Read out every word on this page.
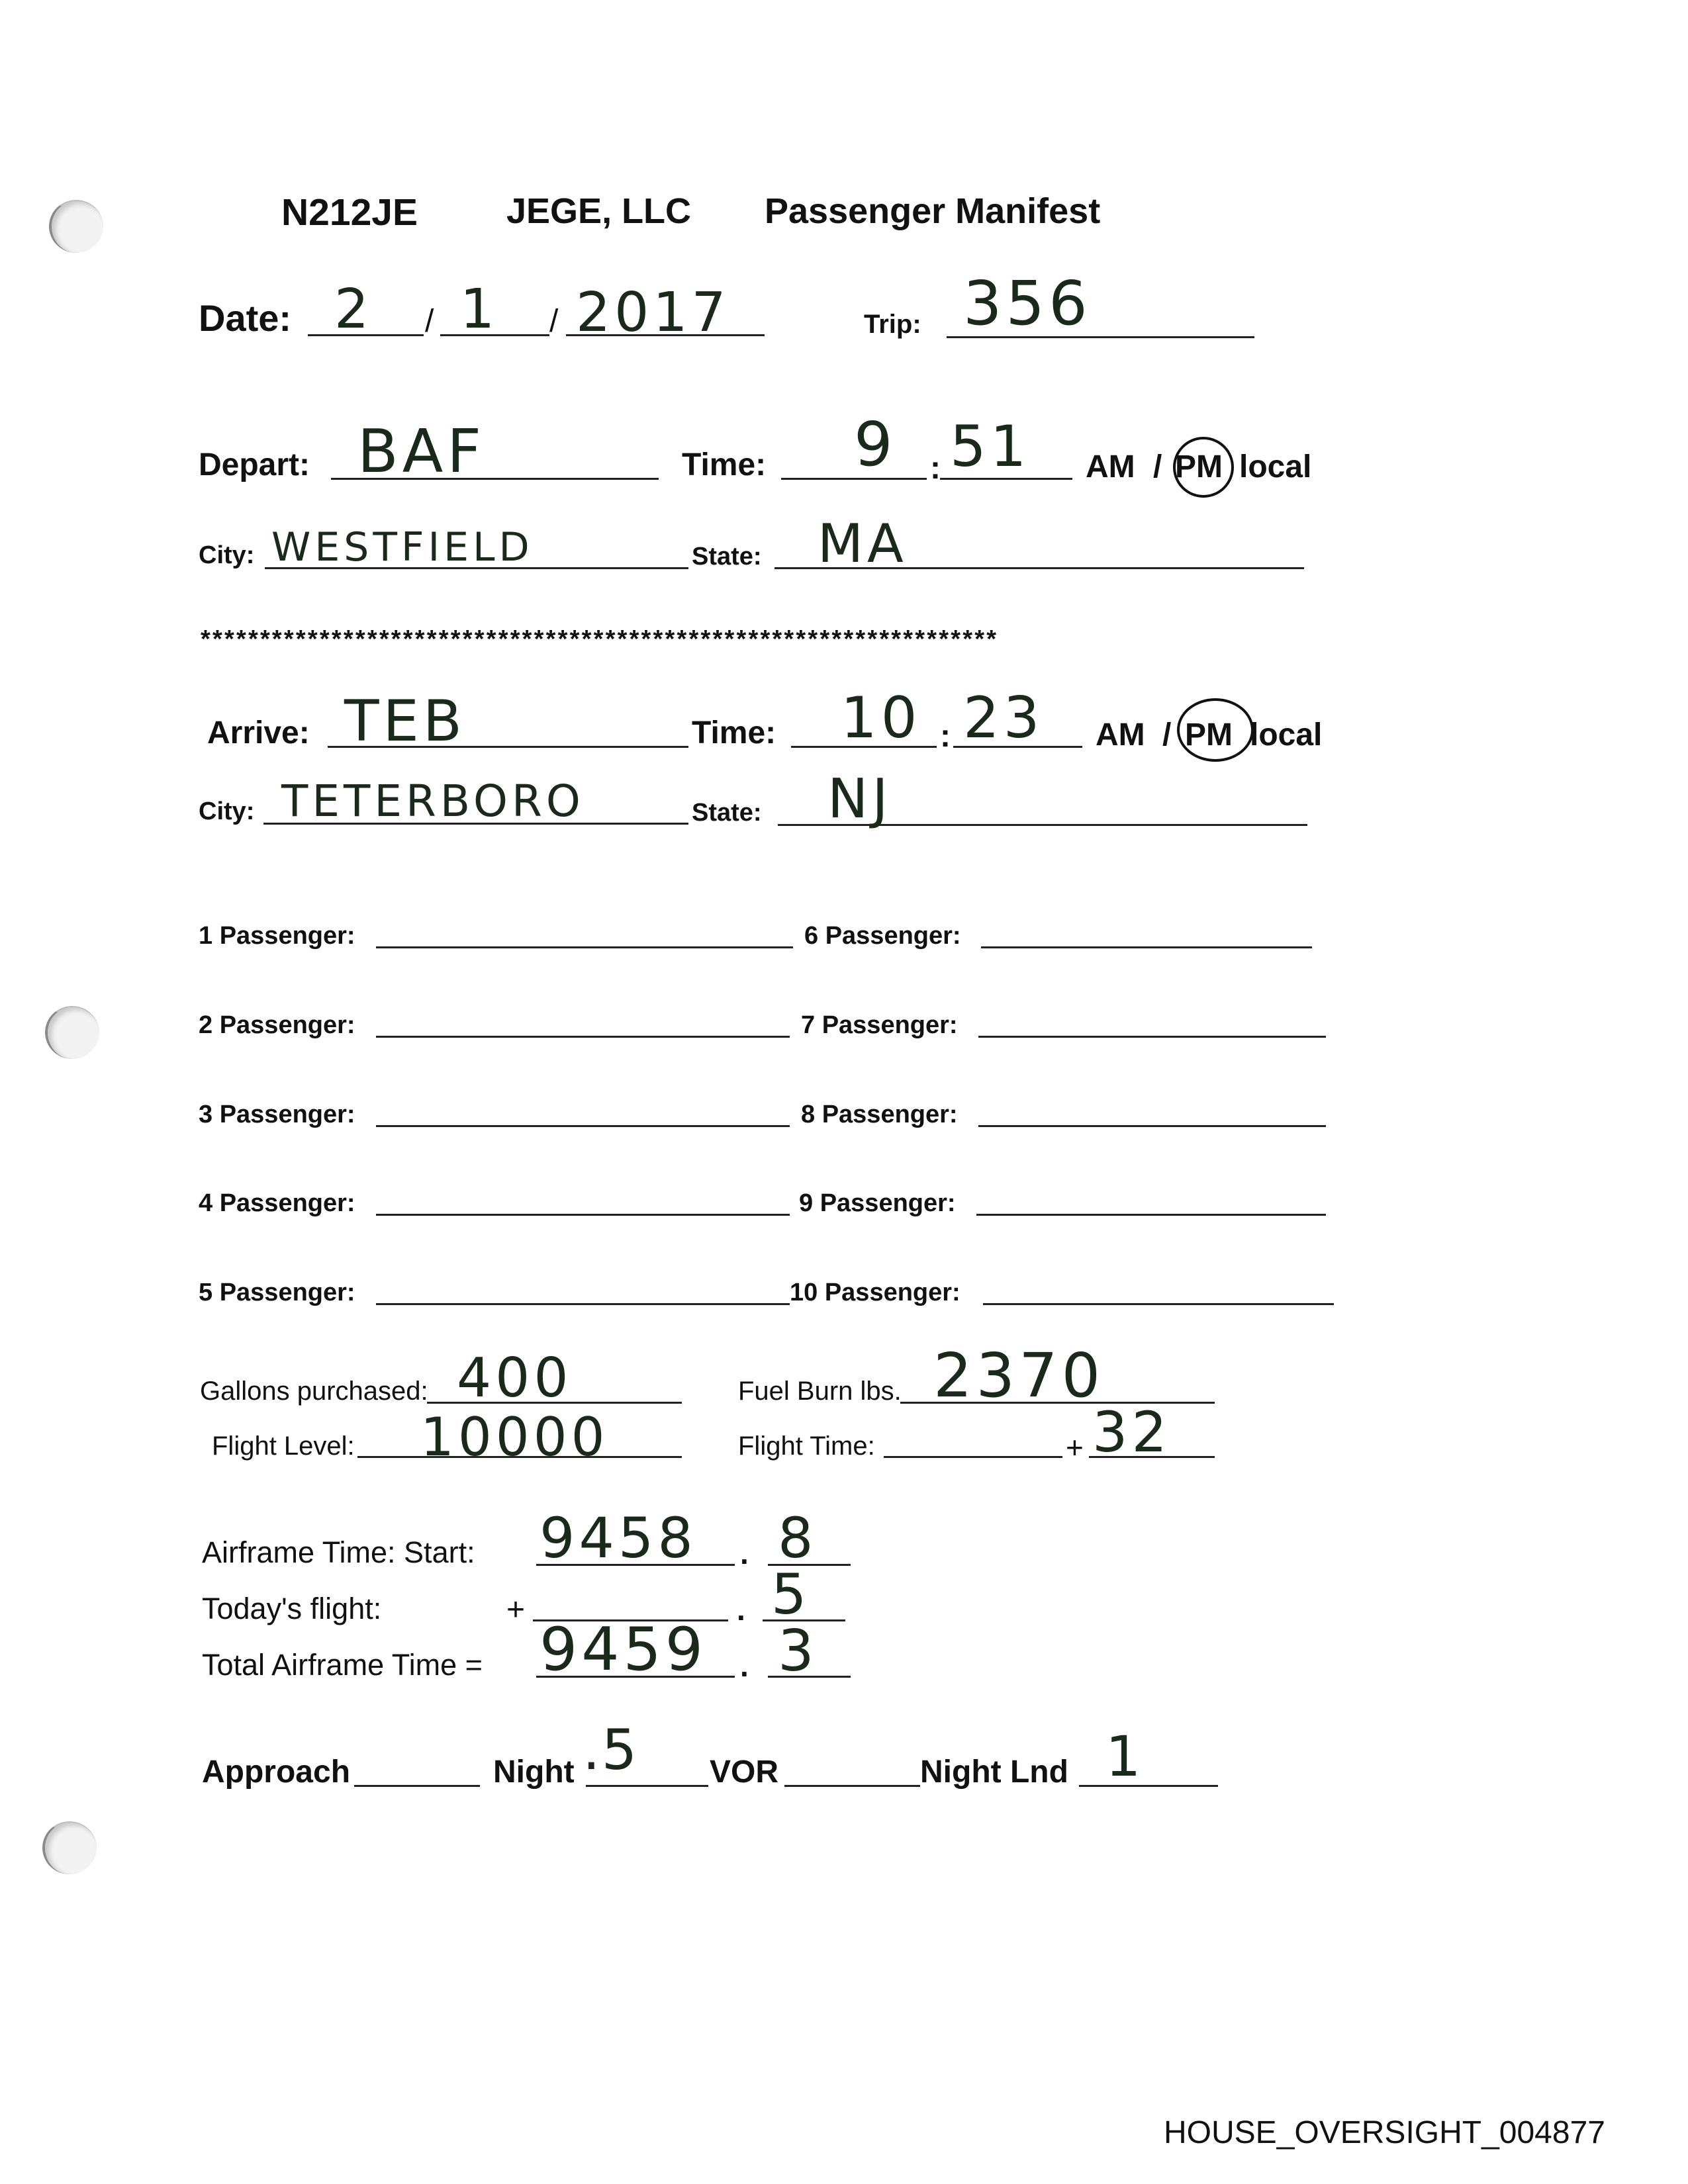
N212JE JEGE, LLC Passenger Manifest
Date: 2 / 1 / 2017	Trip: 356
Depart: BAF	Time: 9 : 51 AM / PM local
City: WESTFIELD	State: MA
*******************************************************************
Arrive: TEB	Time: 10 : 23 AM / PM local
City: TETERBORO	State: NJ
1 Passenger:	6 Passenger:
2 Passenger:	7 Passenger:
3 Passenger:	8 Passenger:
4 Passenger:	9 Passenger:
5 Passenger:	10 Passenger:
Gallons purchased: 400	Fuel Burn lbs. 2370
Flight Level: 10000	Flight Time:	+ 32
Airframe Time: Start: 9458 . 8
Today's flight:	+	. 5
Total Airframe Time = 9459 . 3
Approach	Night .5 VOR	Night Lnd 1
HOUSE_OVERSIGHT_004877
